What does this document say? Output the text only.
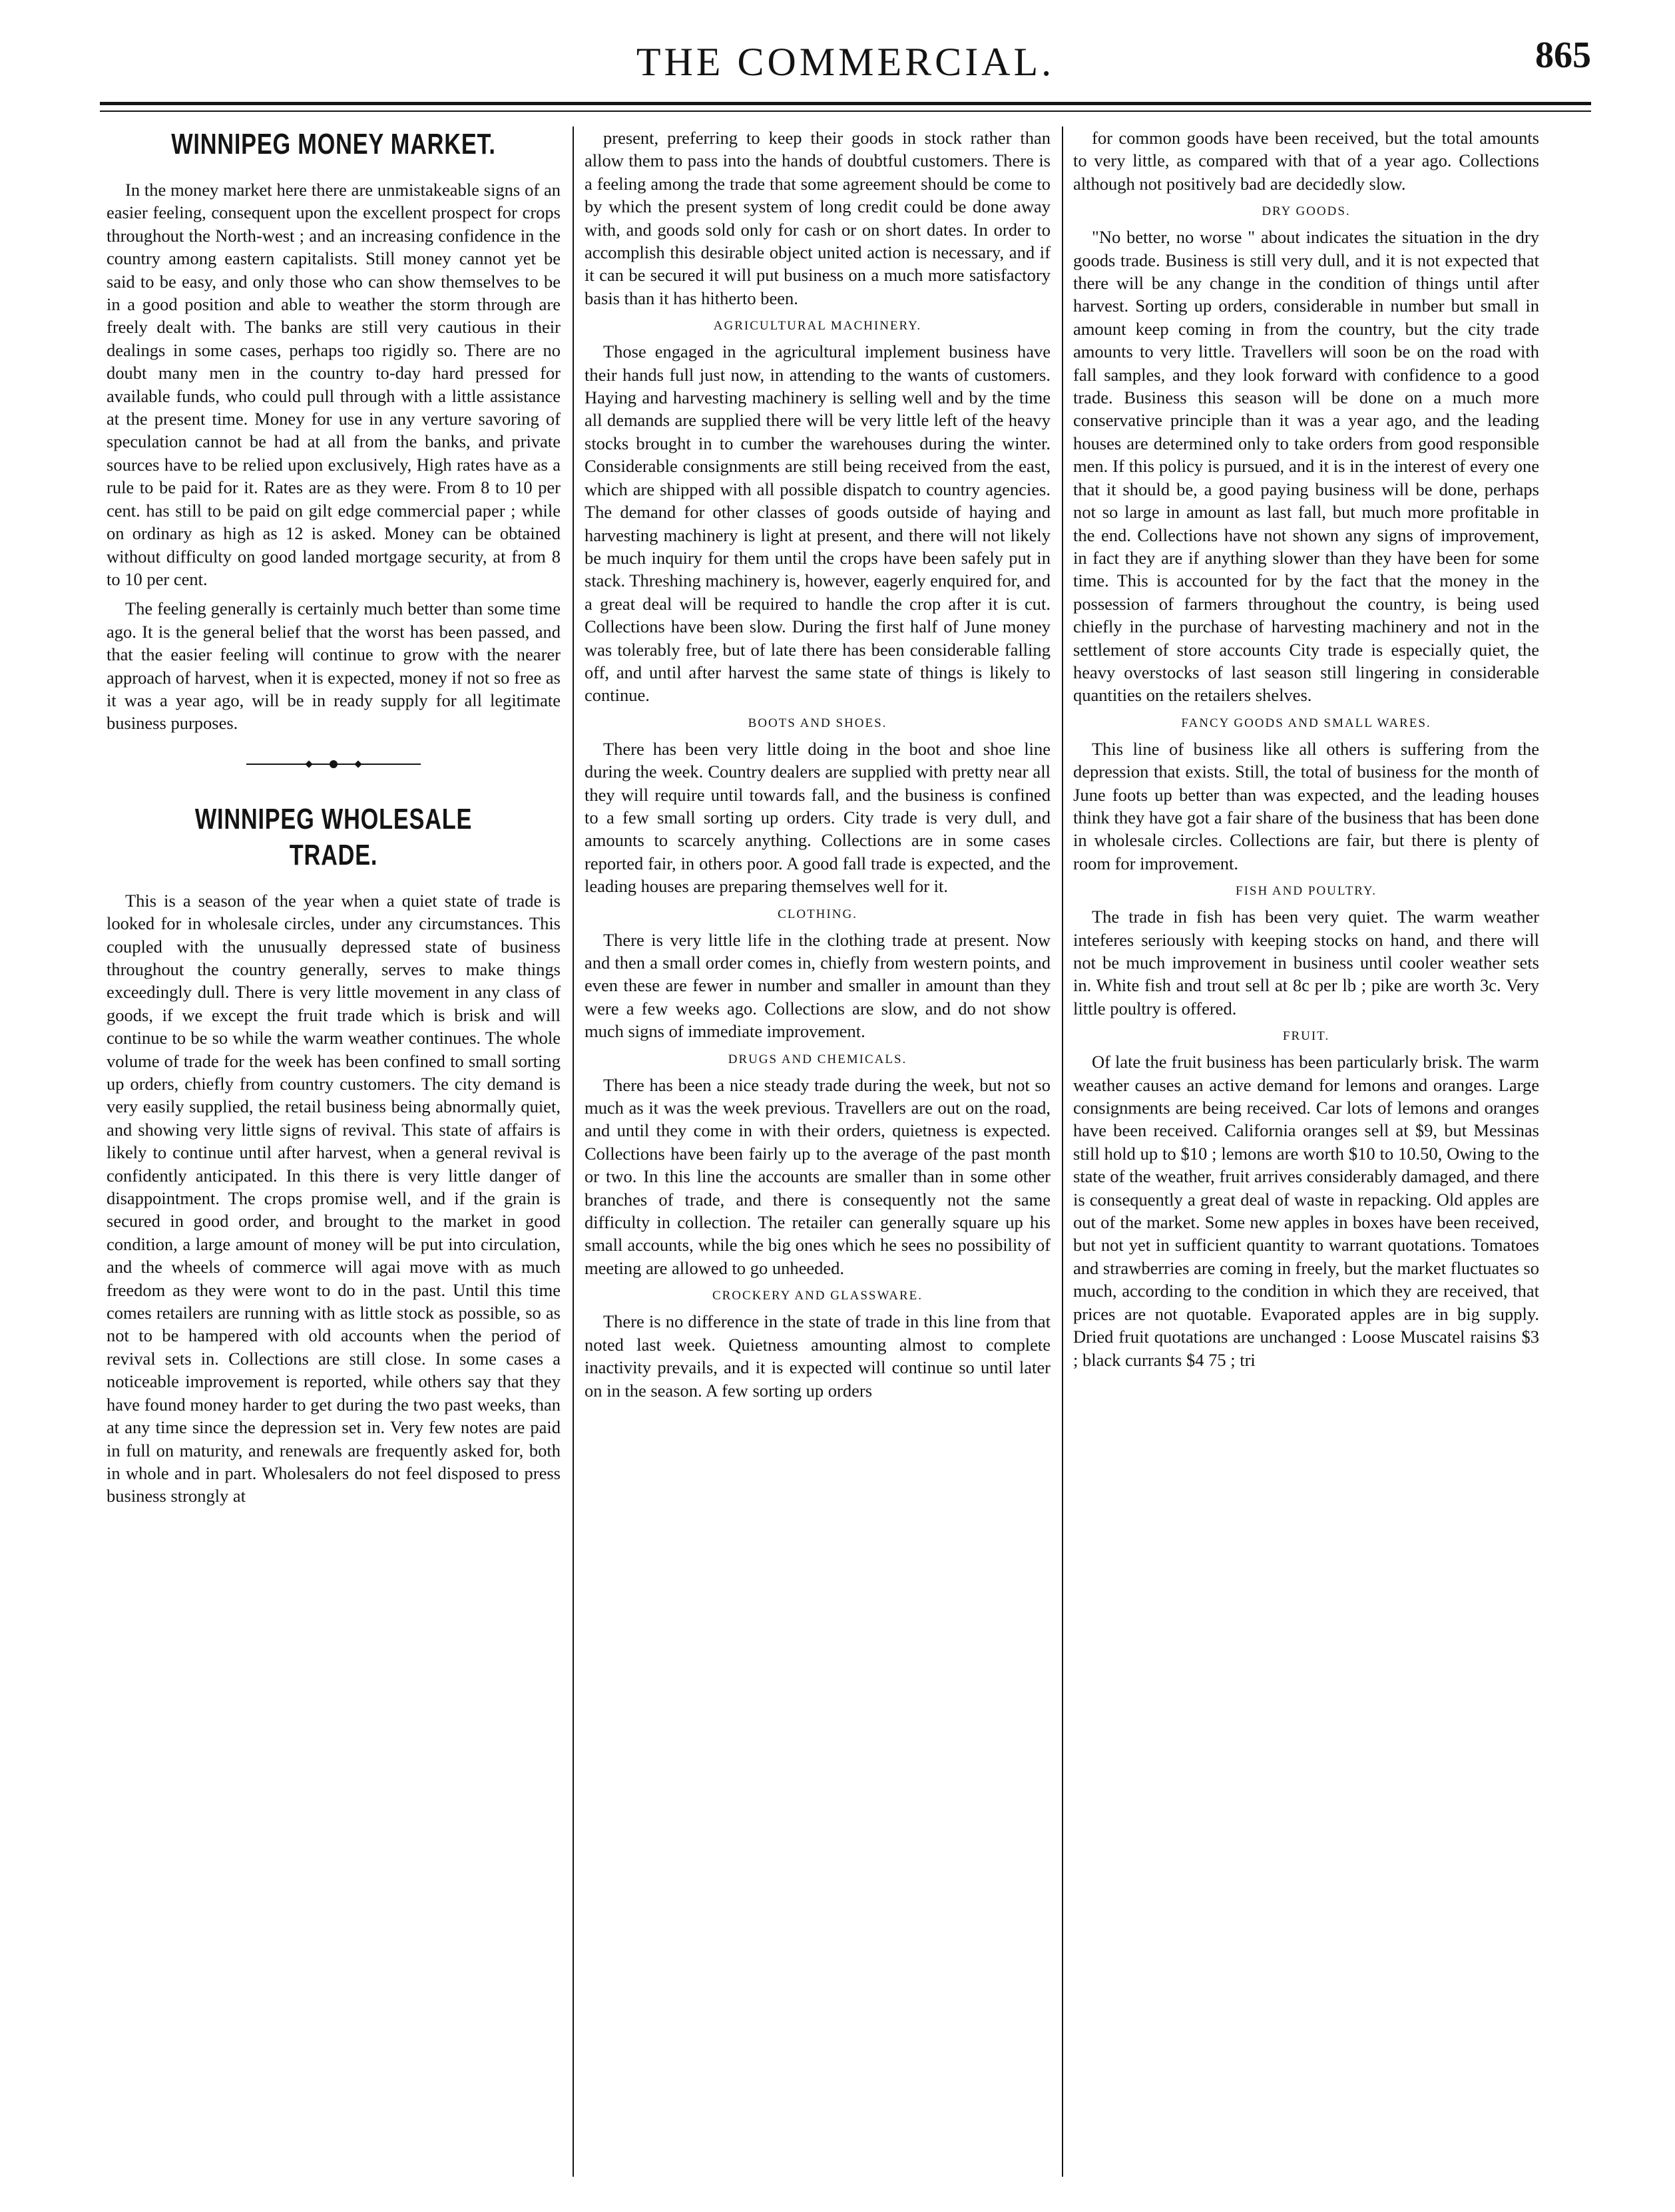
THE COMMERCIAL.	865
WINNIPEG MONEY MARKET.

In the money market here there are unmistakeable signs of an easier feeling, consequent upon the excellent prospect for crops throughout the North-west ; and an increasing confidence in the country among eastern capitalists. Still money cannot yet be said to be easy, and only those who can show themselves to be in a good position and able to weather the storm through are freely dealt with. The banks are still very cautious in their dealings in some cases, perhaps too rigidly so. There are no doubt many men in the country to-day hard pressed for available funds, who could pull through with a little assistance at the present time. Money for use in any verture savoring of speculation cannot be had at all from the banks, and private sources have to be relied upon exclusively, High rates have as a rule to be paid for it. Rates are as they were. From 8 to 10 per cent. has still to be paid on gilt edge commercial paper ; while on ordinary as high as 12 is asked. Money can be obtained without difficulty on good landed mortgage security, at from 8 to 10 per cent.

The feeling generally is certainly much better than some time ago. It is the general belief that the worst has been passed, and that the easier feeling will continue to grow with the nearer approach of harvest, when it is expected, money if not so free as it was a year ago, will be in ready supply for all legitimate business purposes.

WINNIPEG WHOLESALE TRADE.

This is a season of the year when a quiet state of trade is looked for in wholesale circles, under any circumstances. This coupled with the unusually depressed state of business throughout the country generally, serves to make things exceedingly dull. There is very little movement in any class of goods, if we except the fruit trade which is brisk and will continue to be so while the warm weather continues. The whole volume of trade for the week has been confined to small sorting up orders, chiefly from country customers. The city demand is very easily supplied, the retail business being abnormally quiet, and showing very little signs of revival. This state of affairs is likely to continue until after harvest, when a general revival is confidently anticipated. In this there is very little danger of disappointment. The crops promise well, and if the grain is secured in good order, and brought to the market in good condition, a large amount of money will be put into circulation, and the wheels of commerce will agai move with as much freedom as they were wont to do in the past. Until this time comes retailers are running with as little stock as possible, so as not to be hampered with old accounts when the period of revival sets in. Collections are still close. In some cases a noticeable improvement is reported, while others say that they have found money harder to get during the two past weeks, than at any time since the depression set in. Very few notes are paid in full on maturity, and renewals are frequently asked for, both in whole and in part. Wholesalers do not feel disposed to press business strongly at

present, preferring to keep their goods in stock rather than allow them to pass into the hands of doubtful customers. There is a feeling among the trade that some agreement should be come to by which the present system of long credit could be done away with, and goods sold only for cash or on short dates. In order to accomplish this desirable object united action is necessary, and if it can be secured it will put business on a much more satisfactory basis than it has hitherto been.

AGRICULTURAL MACHINERY.

Those engaged in the agricultural implement business have their hands full just now, in attending to the wants of customers. Haying and harvesting machinery is selling well and by the time all demands are supplied there will be very little left of the heavy stocks brought in to cumber the warehouses during the winter. Considerable consignments are still being received from the east, which are shipped with all possible dispatch to country agencies. The demand for other classes of goods outside of haying and harvesting machinery is light at present, and there will not likely be much inquiry for them until the crops have been safely put in stack. Threshing machinery is, however, eagerly enquired for, and a great deal will be required to handle the crop after it is cut. Collections have been slow. During the first half of June money was tolerably free, but of late there has been considerable falling off, and until after harvest the same state of things is likely to continue.

BOOTS AND SHOES.

There has been very little doing in the boot and shoe line during the week. Country dealers are supplied with pretty near all they will require until towards fall, and the business is confined to a few small sorting up orders. City trade is very dull, and amounts to scarcely anything. Collections are in some cases reported fair, in others poor. A good fall trade is expected, and the leading houses are preparing themselves well for it.

CLOTHING.

There is very little life in the clothing trade at present. Now and then a small order comes in, chiefly from western points, and even these are fewer in number and smaller in amount than they were a few weeks ago. Collections are slow, and do not show much signs of immediate improvement.

DRUGS AND CHEMICALS.

There has been a nice steady trade during the week, but not so much as it was the week previous. Travellers are out on the road, and until they come in with their orders, quietness is expected. Collections have been fairly up to the average of the past month or two. In this line the accounts are smaller than in some other branches of trade, and there is consequently not the same difficulty in collection. The retailer can generally square up his small accounts, while the big ones which he sees no possibility of meeting are allowed to go unheeded.

CROCKERY AND GLASSWARE.

There is no difference in the state of trade in this line from that noted last week. Quietness amounting almost to complete inactivity prevails, and it is expected will continue so until later on in the season. A few sorting up orders

for common goods have been received, but the total amounts to very little, as compared with that of a year ago. Collections although not positively bad are decidedly slow.

DRY GOODS.

"No better, no worse " about indicates the situation in the dry goods trade. Business is still very dull, and it is not expected that there will be any change in the condition of things until after harvest. Sorting up orders, considerable in number but small in amount keep coming in from the country, but the city trade amounts to very little. Travellers will soon be on the road with fall samples, and they look forward with confidence to a good trade. Business this season will be done on a much more conservative principle than it was a year ago, and the leading houses are determined only to take orders from good responsible men. If this policy is pursued, and it is in the interest of every one that it should be, a good paying business will be done, perhaps not so large in amount as last fall, but much more profitable in the end. Collections have not shown any signs of improvement, in fact they are if anything slower than they have been for some time. This is accounted for by the fact that the money in the possession of farmers throughout the country, is being used chiefly in the purchase of harvesting machinery and not in the settlement of store accounts City trade is especially quiet, the heavy overstocks of last season still lingering in considerable quantities on the retailers shelves.

FANCY GOODS AND SMALL WARES.

This line of business like all others is suffering from the depression that exists. Still, the total of business for the month of June foots up better than was expected, and the leading houses think they have got a fair share of the business that has been done in wholesale circles. Collections are fair, but there is plenty of room for improvement.

FISH AND POULTRY.

The trade in fish has been very quiet. The warm weather inteferes seriously with keeping stocks on hand, and there will not be much improvement in business until cooler weather sets in. White fish and trout sell at 8c per lb ; pike are worth 3c. Very little poultry is offered.

FRUIT.

Of late the fruit business has been particularly brisk. The warm weather causes an active demand for lemons and oranges. Large consignments are being received. Car lots of lemons and oranges have been received. California oranges sell at $9, but Messinas still hold up to $10 ; lemons are worth $10 to 10.50, Owing to the state of the weather, fruit arrives considerably damaged, and there is consequently a great deal of waste in repacking. Old apples are out of the market. Some new apples in boxes have been received, but not yet in sufficient quantity to warrant quotations. Tomatoes and strawberries are coming in freely, but the market fluctuates so much, according to the condition in which they are received, that prices are not quotable. Evaporated apples are in big supply. Dried fruit quotations are unchanged : Loose Muscatel raisins $3 ; black currants $4 75 ; tri
